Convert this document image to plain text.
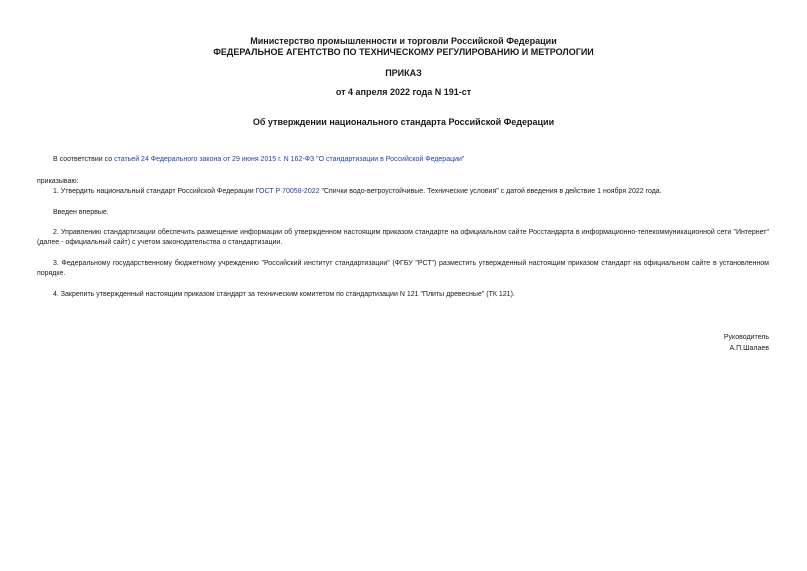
Министерство промышленности и торговли Российской Федерации
ФЕДЕРАЛЬНОЕ АГЕНТСТВО ПО ТЕХНИЧЕСКОМУ РЕГУЛИРОВАНИЮ И МЕТРОЛОГИИ
ПРИКАЗ
от 4 апреля 2022 года N 191-ст
Об утверждении национального стандарта Российской Федерации
В соответствии со статьей 24 Федерального закона от 29 июня 2015 г. N 162-ФЗ "О стандартизации в Российской Федерации"
приказываю:
1. Утвердить национальный стандарт Российской Федерации ГОСТ Р 70058-2022 "Спички водо-ветроустойчивые. Технические условия" с датой введения в действие 1 ноября 2022 года.
Введен впервые.
2. Управлению стандартизации обеспечить размещение информации об утвержденном настоящим приказом стандарте на официальном сайте Росстандарта в информационно-телекоммуникационной сети "Интернет" (далее - официальный сайт) с учетом законодательства о стандартизации.
3. Федеральному государственному бюджетному учреждению "Российский институт стандартизации" (ФГБУ "РСТ") разместить утвержденный настоящим приказом стандарт на официальном сайте в установленном порядке.
4. Закрепить утвержденный настоящим приказом стандарт за техническим комитетом по стандартизации N 121 "Плиты древесные" (ТК 121).
Руководитель
А.П.Шалаев
